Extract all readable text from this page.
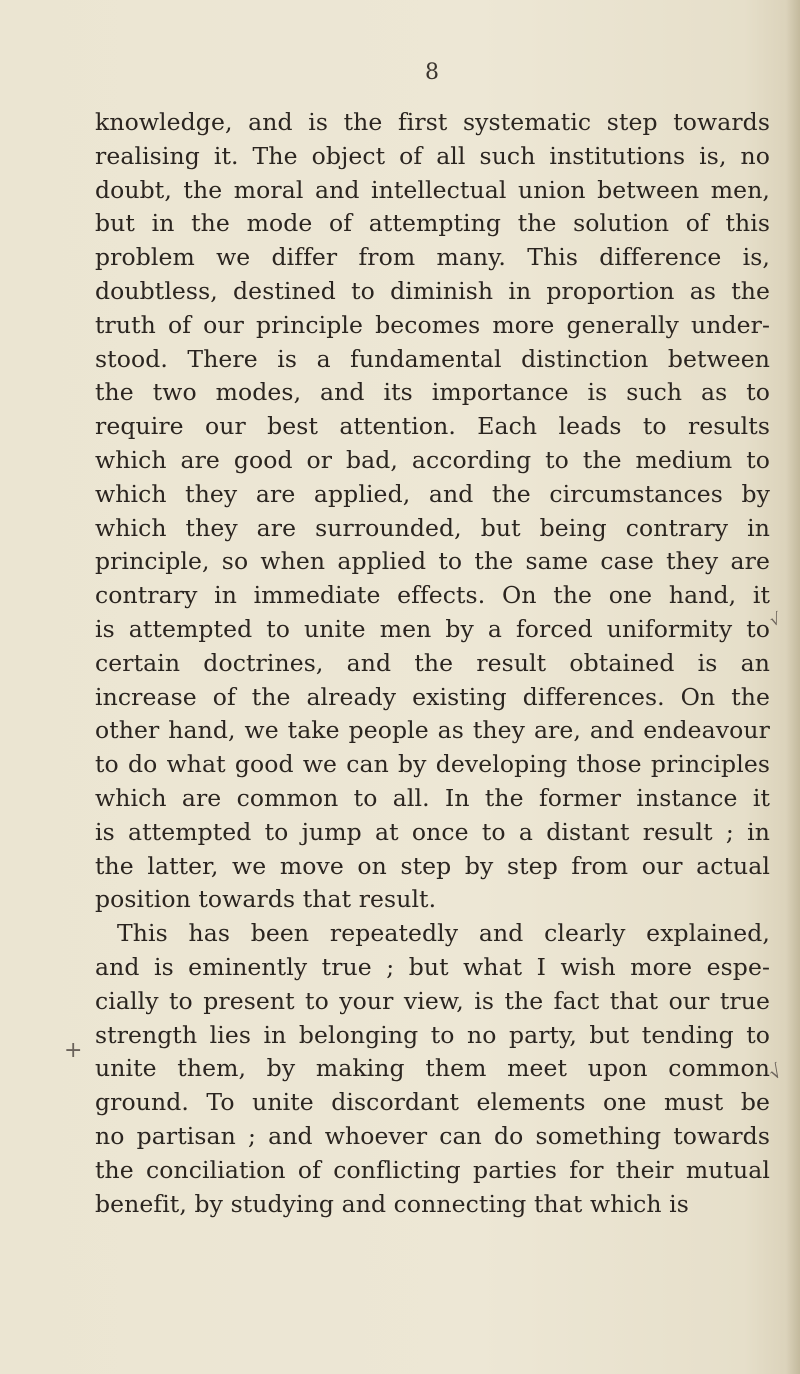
8
knowledge, and is the first systematic step towards
realising it. The object of all such institutions is, no
doubt, the moral and intellectual union between men,
but in the mode of attempting the solution of this
problem we differ from many. This difference is,
doubtless, destined to diminish in proportion as the
truth of our principle becomes more generally under-
stood. There is a fundamental distinction between
the two modes, and its importance is such as to
require our best attention. Each leads to results
which are good or bad, according to the medium to
which they are applied, and the circumstances by
which they are surrounded, but being contrary in
principle, so when applied to the same case they are
contrary in immediate effects. On the one hand, it
is attempted to unite men by a forced uniformity to
certain doctrines, and the result obtained is an
increase of the already existing differences. On the
other hand, we take people as they are, and endeavour
to do what good we can by developing those principles
which are common to all. In the former instance it
is attempted to jump at once to a distant result ; in
the latter, we move on step by step from our actual
position towards that result.
This has been repeatedly and clearly explained,
and is eminently true ; but what I wish more espe-
cially to present to your view, is the fact that our true
strength lies in belonging to no party, but tending to
unite them, by making them meet upon common
ground. To unite discordant elements one must be
no partisan ; and whoever can do something towards
the conciliation of conflicting parties for their mutual
benefit, by studying and connecting that which is
√
+
√
